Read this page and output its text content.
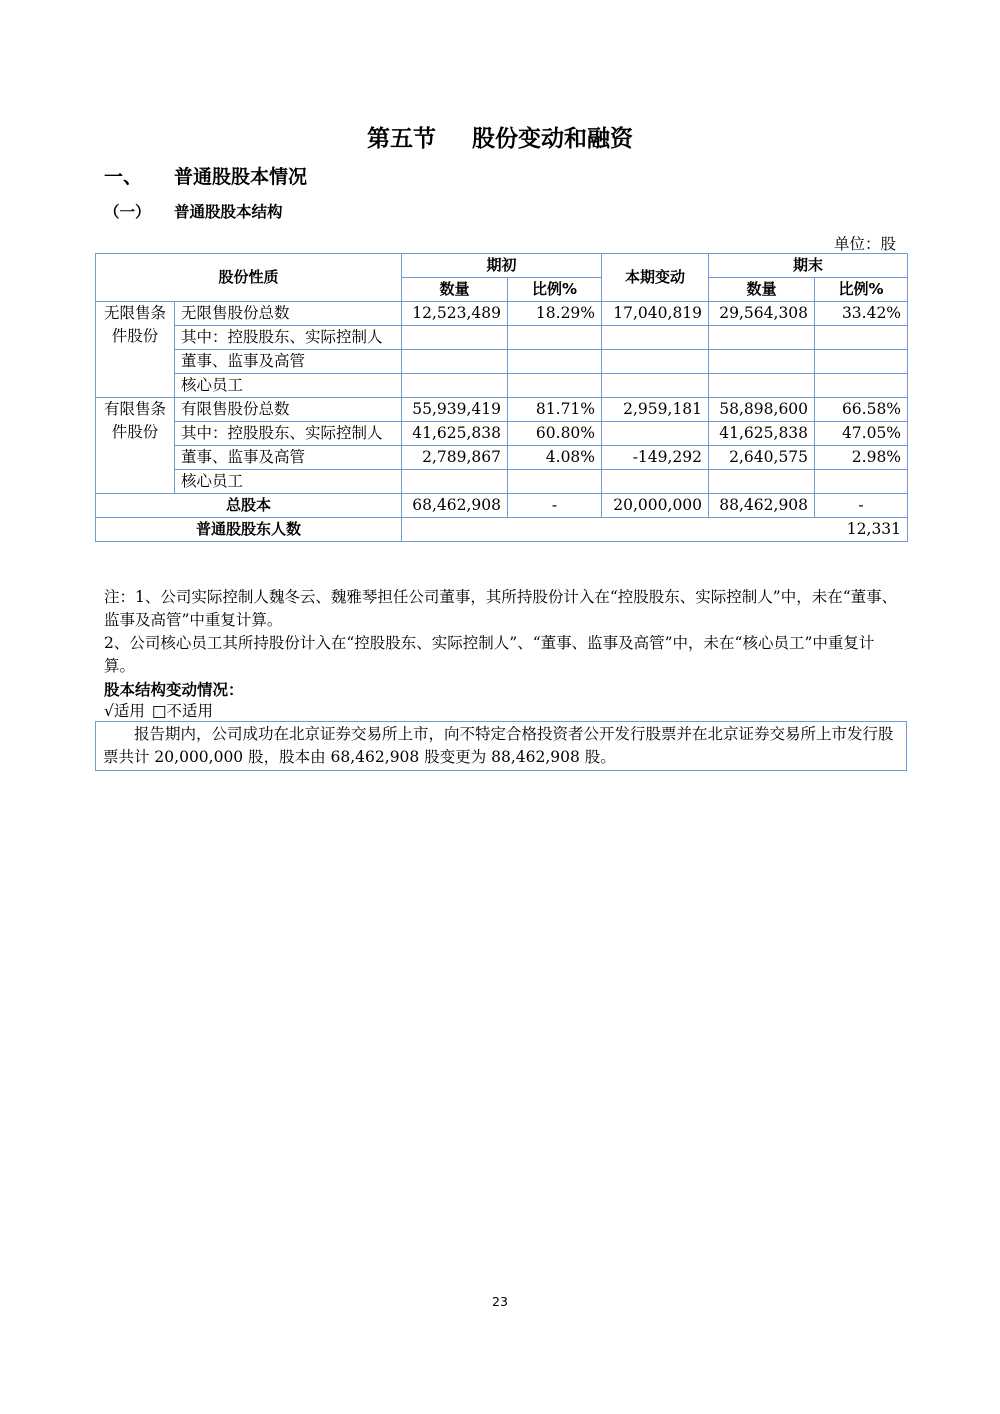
第五节 股份变动和融资
一、 普通股股本情况
（一） 普通股股本结构
单位：股
股份性质		期初		本期变动	期末	
		数量	比例%		数量	比例%
无限售条件股份	无限售股份总数	12,523,489	18.29%	17,040,819	29,564,308	33.42%
	其中：控股股东、实际控制人					
	董事、监事及高管					
	核心员工					
有限售条件股份	有限售股份总数	55,939,419	81.71%	2,959,181	58,898,600	66.58%
	其中：控股股东、实际控制人	41,625,838	60.80%		41,625,838	47.05%
	董事、监事及高管	2,789,867	4.08%	-149,292	2,640,575	2.98%
	核心员工					
总股本		68,462,908	-	20,000,000	88,462,908	-
普通股股东人数		12,331				

注：1、公司实际控制人魏冬云、魏雅琴担任公司董事，其所持股份计入在“控股股东、实际控制人”中，未在“董事、监事及高管”中重复计算。

2、公司核心员工其所持股份计入在“控股股东、实际控制人”、“董事、监事及高管”中，未在“核心员工”中重复计算。

股本结构变动情况：
√适用 □不适用

报告期内，公司成功在北京证券交易所上市，向不特定合格投资者公开发行股票并在北京证券交易所上市发行股票共计 20,000,000 股，股本由 68,462,908 股变更为 88,462,908 股。

23
